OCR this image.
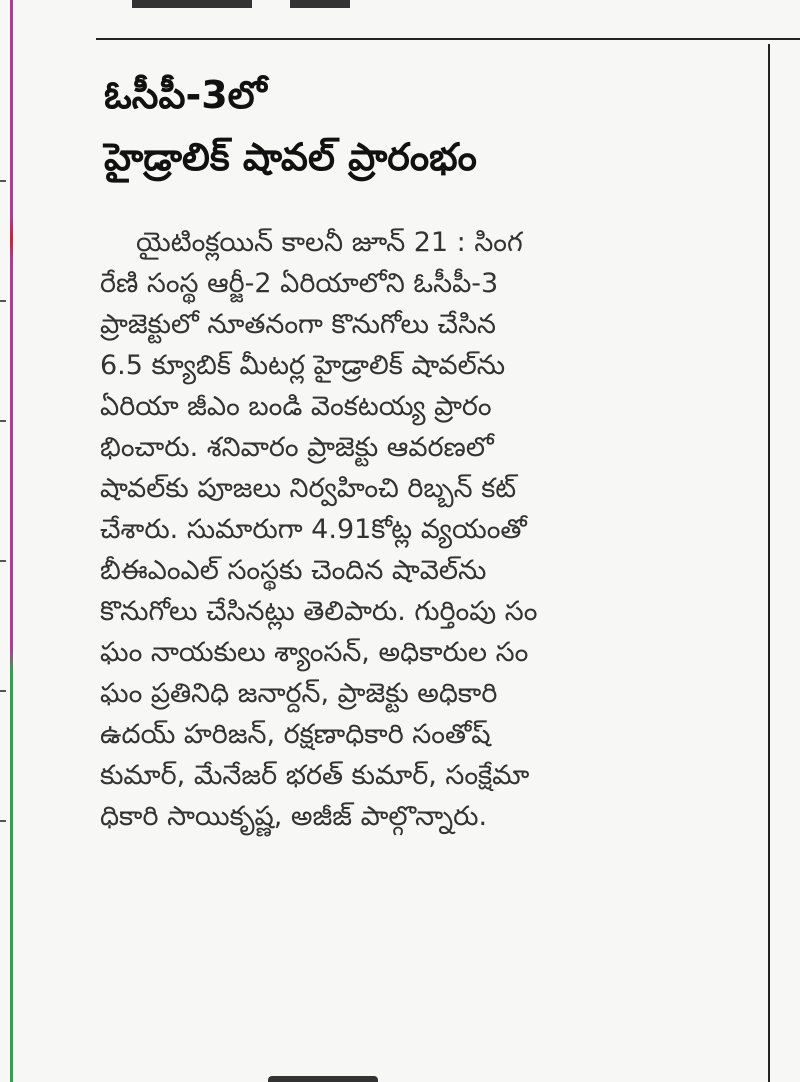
ఓసీపీ-3లో
హైడ్రాలిక్ షావల్ ప్రారంభం
యైటింక్లయిన్ కాలనీ జూన్ 21 : సింగ
రేణి సంస్థ ఆర్జీ-2 ఏరియాలోని ఓసీపీ-3
ప్రాజెక్టులో నూతనంగా కొనుగోలు చేసిన
6.5 క్యూబిక్ మీటర్ల హైడ్రాలిక్ షావల్‌ను
ఏరియా జీఎం బండి వెంకటయ్య ప్రారం
భించారు. శనివారం ప్రాజెక్టు ఆవరణలో
షావల్‌కు పూజలు నిర్వహించి రిబ్బన్ కట్
చేశారు. సుమారుగా 4.91కోట్ల వ్యయంతో
బీఈఎంఎల్ సంస్థకు చెందిన షావెల్‌ను
కొనుగోలు చేసినట్లు తెలిపారు. గుర్తింపు సం
ఘం నాయకులు శ్యాంసన్, అధికారుల సం
ఘం ప్రతినిధి జనార్దన్, ప్రాజెక్టు అధికారి
ఉదయ్ హరిజన్, రక్షణాధికారి సంతోష్
కుమార్, మేనేజర్ భరత్ కుమార్, సంక్షేమా
ధికారి సాయికృష్ణ, అజీజ్ పాల్గొన్నారు.
